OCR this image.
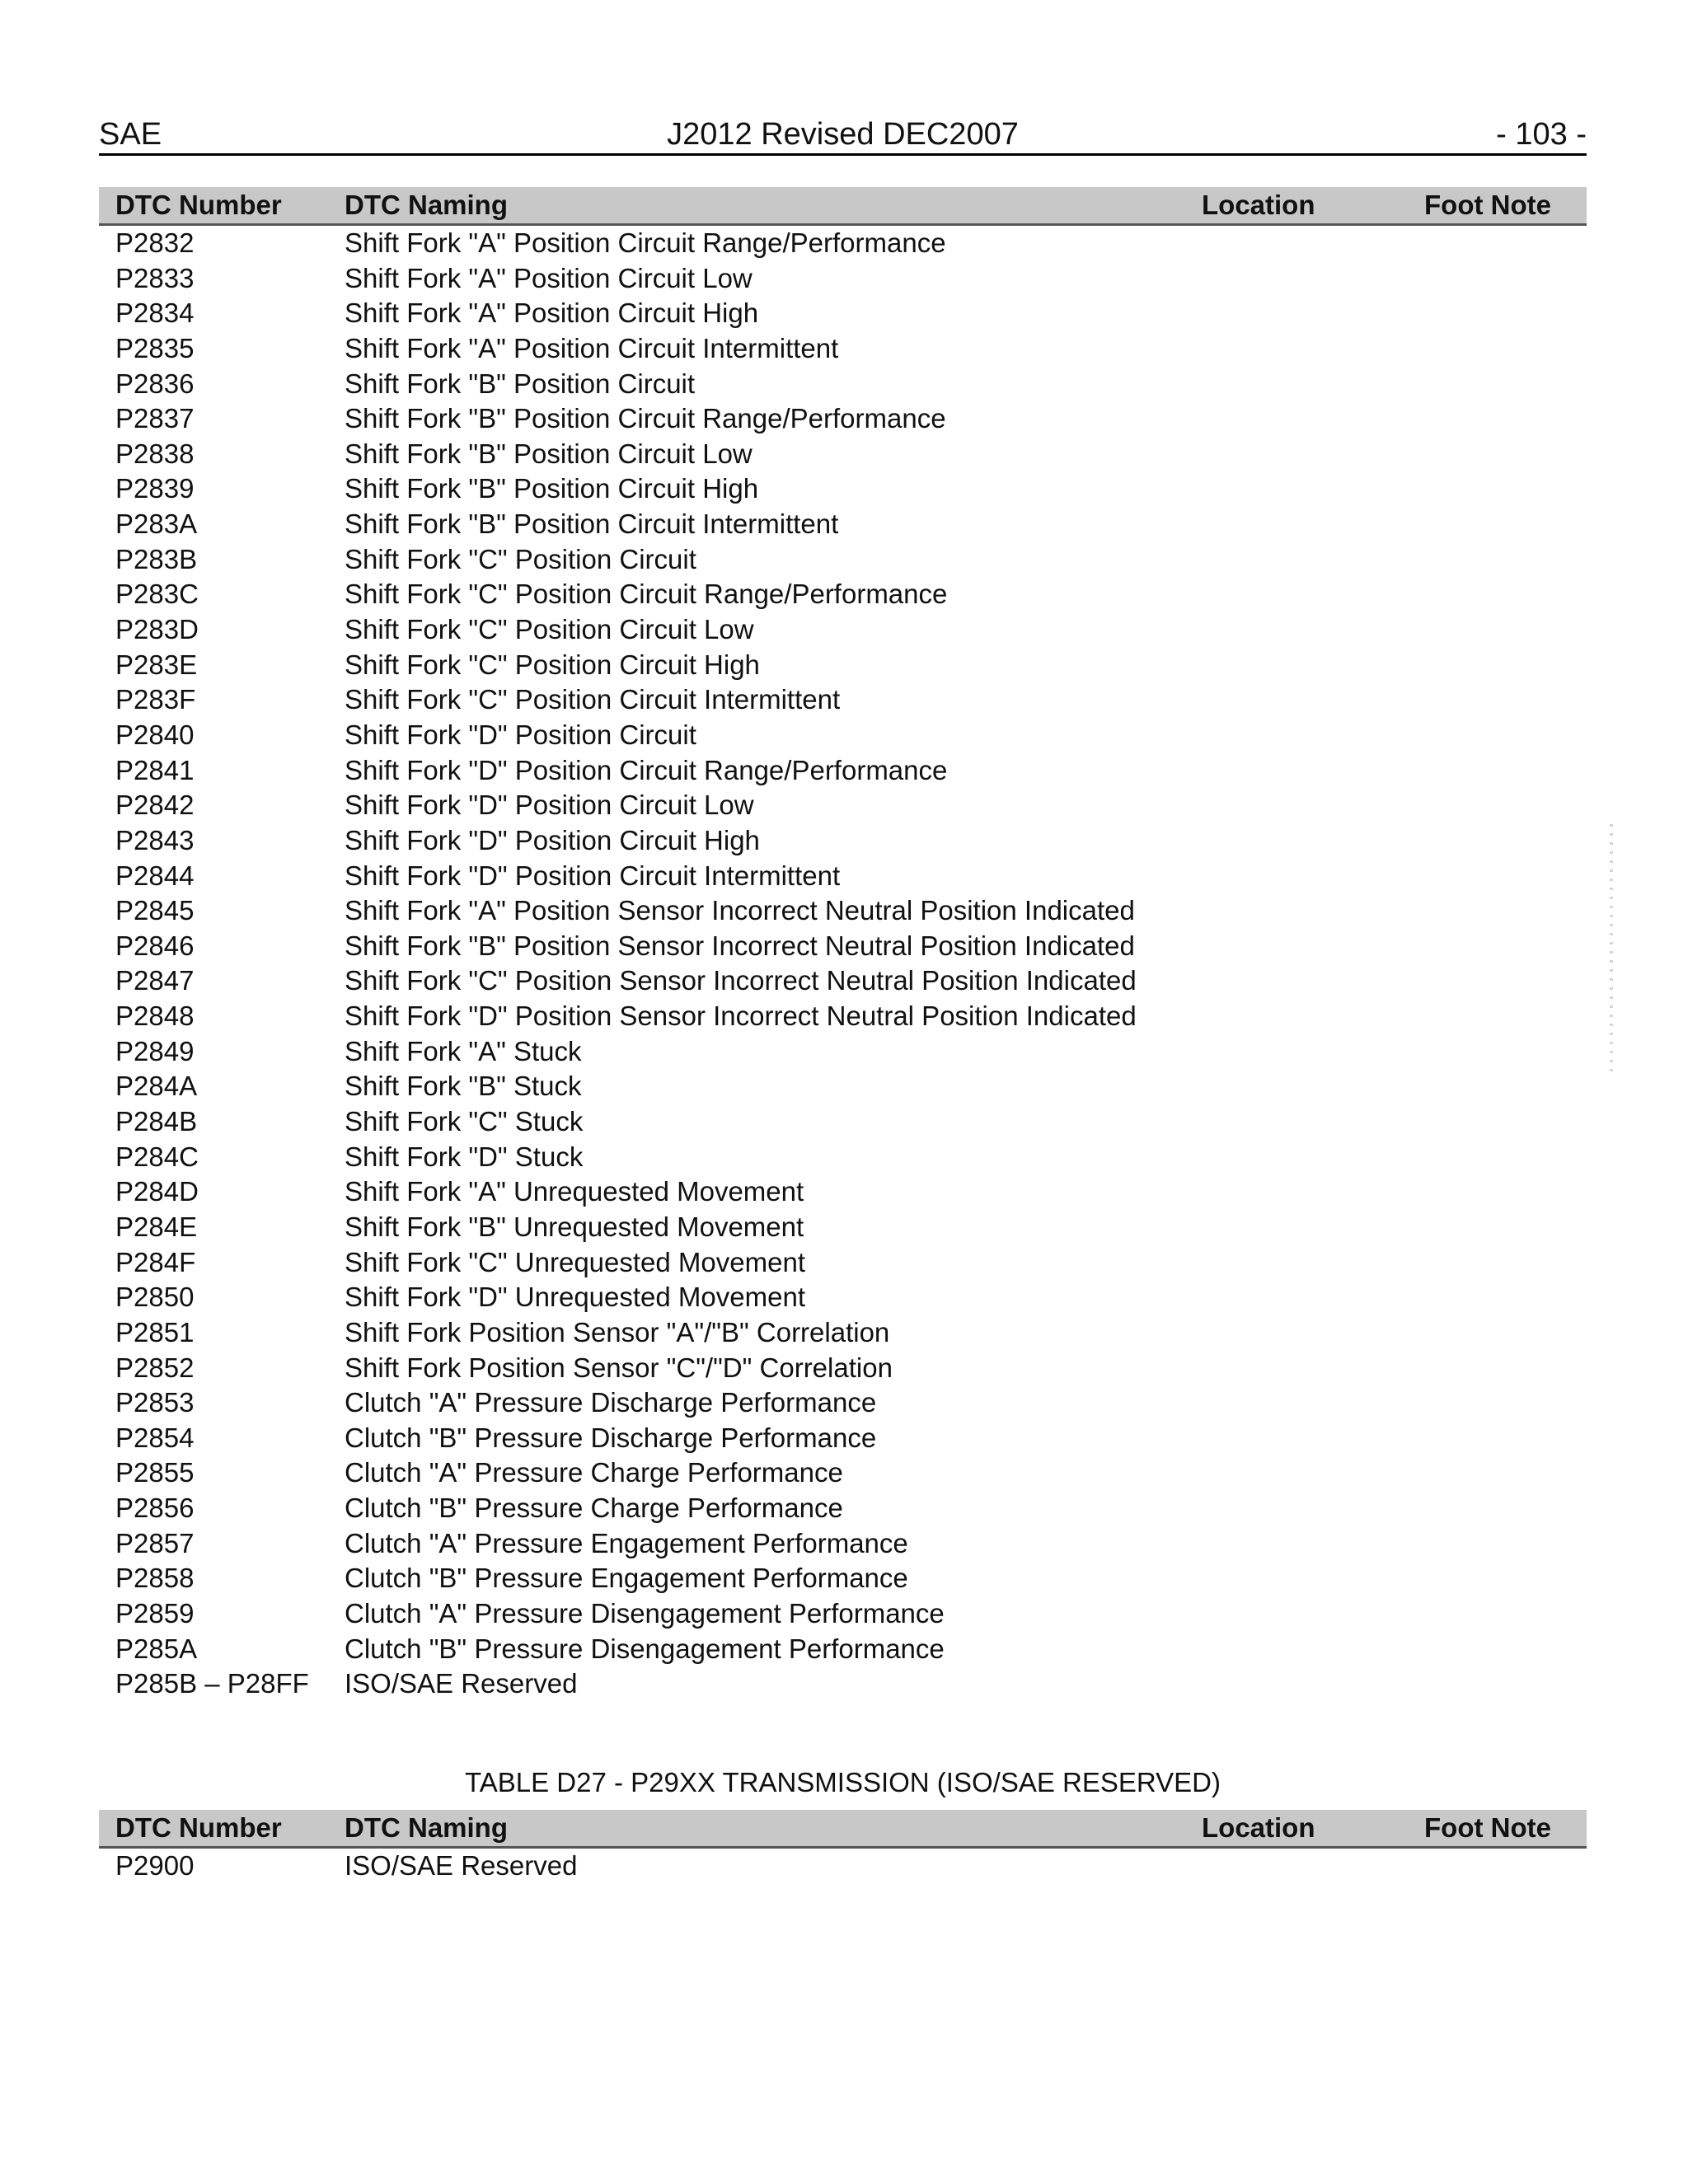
SAE	J2012 Revised DEC2007	- 103 -
DTC Number DTC Naming	Location	Foot Note
P2832	Shift Fork "A" Position Circuit Range/Performance
P2833	Shift Fork "A" Position Circuit Low
P2834	Shift Fork "A" Position Circuit High
P2835	Shift Fork "A" Position Circuit Intermittent
P2836	Shift Fork "B" Position Circuit
P2837	Shift Fork "B" Position Circuit Range/Performance
P2838	Shift Fork "B" Position Circuit Low
P2839	Shift Fork "B" Position Circuit High
P283A	Shift Fork "B" Position Circuit Intermittent
P283B	Shift Fork "C" Position Circuit
P283C	Shift Fork "C" Position Circuit Range/Performance
P283D	Shift Fork "C" Position Circuit Low
P283E	Shift Fork "C" Position Circuit High
P283F	Shift Fork "C" Position Circuit Intermittent
P2840	Shift Fork "D" Position Circuit
P2841	Shift Fork "D" Position Circuit Range/Performance
P2842	Shift Fork "D" Position Circuit Low
P2843	Shift Fork "D" Position Circuit High
P2844	Shift Fork "D" Position Circuit Intermittent
P2845	Shift Fork "A" Position Sensor Incorrect Neutral Position Indicated
P2846	Shift Fork "B" Position Sensor Incorrect Neutral Position Indicated
P2847	Shift Fork "C" Position Sensor Incorrect Neutral Position Indicated
P2848	Shift Fork "D" Position Sensor Incorrect Neutral Position Indicated
P2849	Shift Fork "A" Stuck
P284A	Shift Fork "B" Stuck
P284B	Shift Fork "C" Stuck
P284C	Shift Fork "D" Stuck
P284D	Shift Fork "A" Unrequested Movement
P284E	Shift Fork "B" Unrequested Movement
P284F	Shift Fork "C" Unrequested Movement
P2850	Shift Fork "D" Unrequested Movement
P2851	Shift Fork Position Sensor "A"/"B" Correlation
P2852	Shift Fork Position Sensor "C"/"D" Correlation
P2853	Clutch "A" Pressure Discharge Performance
P2854	Clutch "B" Pressure Discharge Performance
P2855	Clutch "A" Pressure Charge Performance
P2856	Clutch "B" Pressure Charge Performance
P2857	Clutch "A" Pressure Engagement Performance
P2858	Clutch "B" Pressure Engagement Performance
P2859	Clutch "A" Pressure Disengagement Performance
P285A	Clutch "B" Pressure Disengagement Performance
P285B – P28FF ISO/SAE Reserved
TABLE D27 - P29XX TRANSMISSION (ISO/SAE RESERVED)
DTC Number DTC Naming	Location	Foot Note
P2900	ISO/SAE Reserved
